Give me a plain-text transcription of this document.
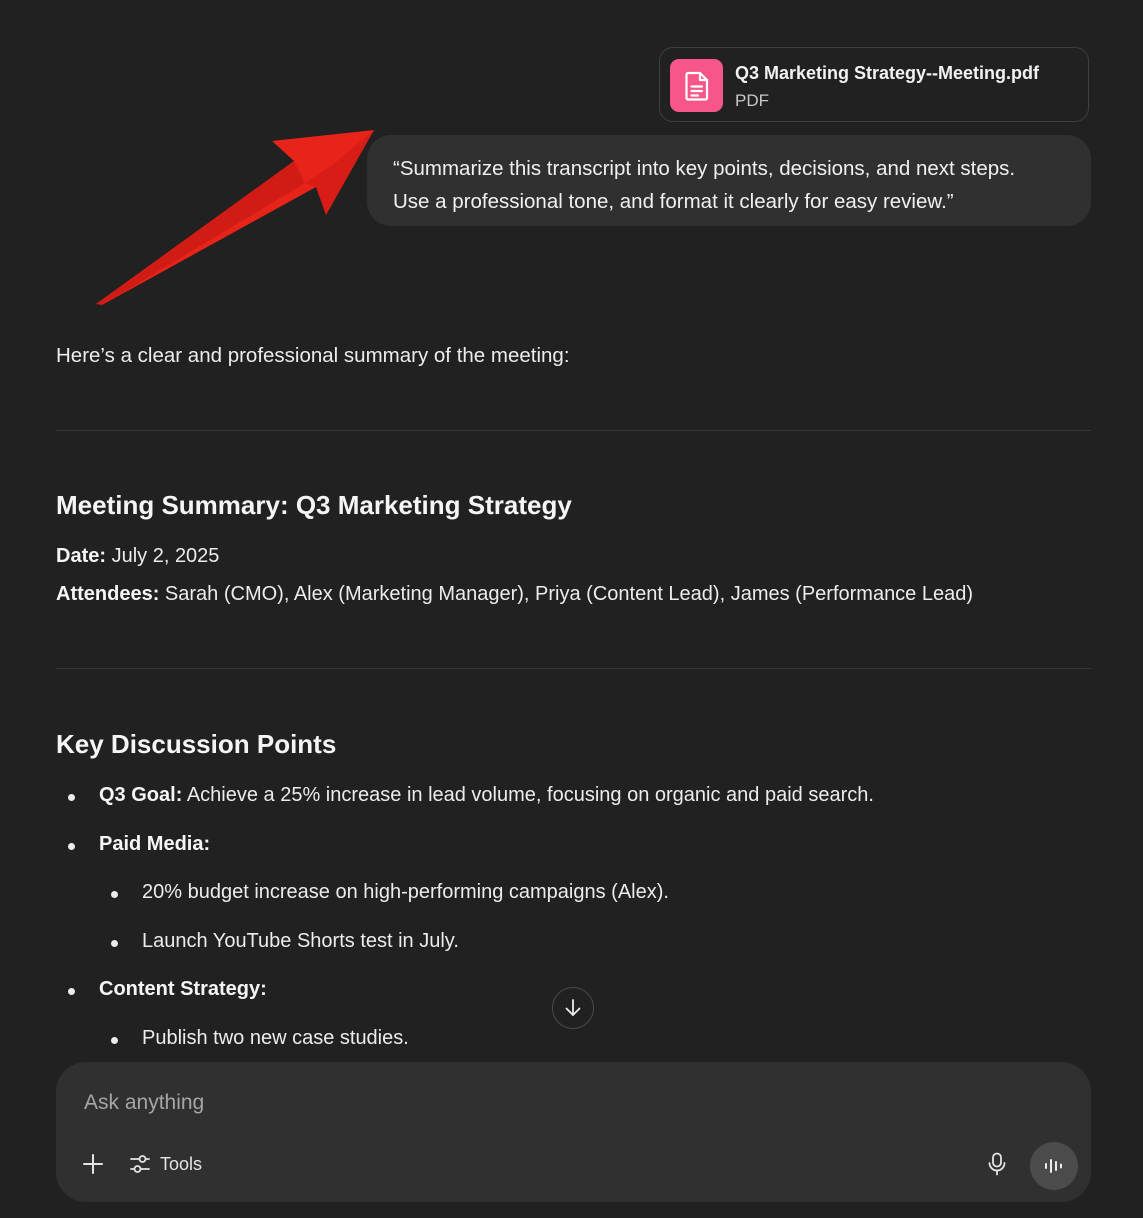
Q3 Marketing Strategy--Meeting.pdf
PDF
“Summarize this transcript into key points, decisions, and next steps.
Use a professional tone, and format it clearly for easy review.”
Here’s a clear and professional summary of the meeting:
Meeting Summary: Q3 Marketing Strategy
Date: July 2, 2025
Attendees: Sarah (CMO), Alex (Marketing Manager), Priya (Content Lead), James (Performance Lead)
Key Discussion Points
Q3 Goal: Achieve a 25% increase in lead volume, focusing on organic and paid search.
Paid Media:
20% budget increase on high-performing campaigns (Alex).
Launch YouTube Shorts test in July.
Content Strategy:
Publish two new case studies.
Ask anything
Tools
